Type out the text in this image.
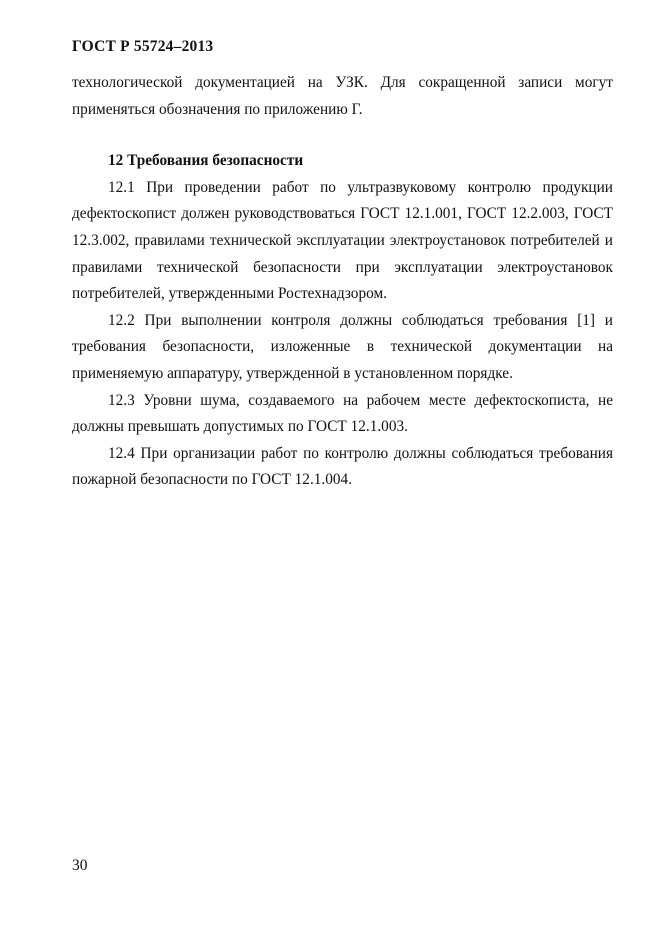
ГОСТ Р 55724–2013

технологической документацией на УЗК. Для сокращенной записи могут применяться обозначения по приложению Г.

12 Требования безопасности

12.1 При проведении работ по ультразвуковому контролю продукции дефектоскопист должен руководствоваться ГОСТ 12.1.001, ГОСТ 12.2.003, ГОСТ 12.3.002, правилами технической эксплуатации электроустановок потребителей и правилами технической безопасности при эксплуатации электроустановок потребителей, утвержденными Ростехнадзором.

12.2 При выполнении контроля должны соблюдаться требования [1] и требования безопасности, изложенные в технической документации на применяемую аппаратуру, утвержденной в установленном порядке.

12.3 Уровни шума, создаваемого на рабочем месте дефектоскописта, не должны превышать допустимых по ГОСТ 12.1.003.

12.4 При организации работ по контролю должны соблюдаться требования пожарной безопасности по ГОСТ 12.1.004.

30
